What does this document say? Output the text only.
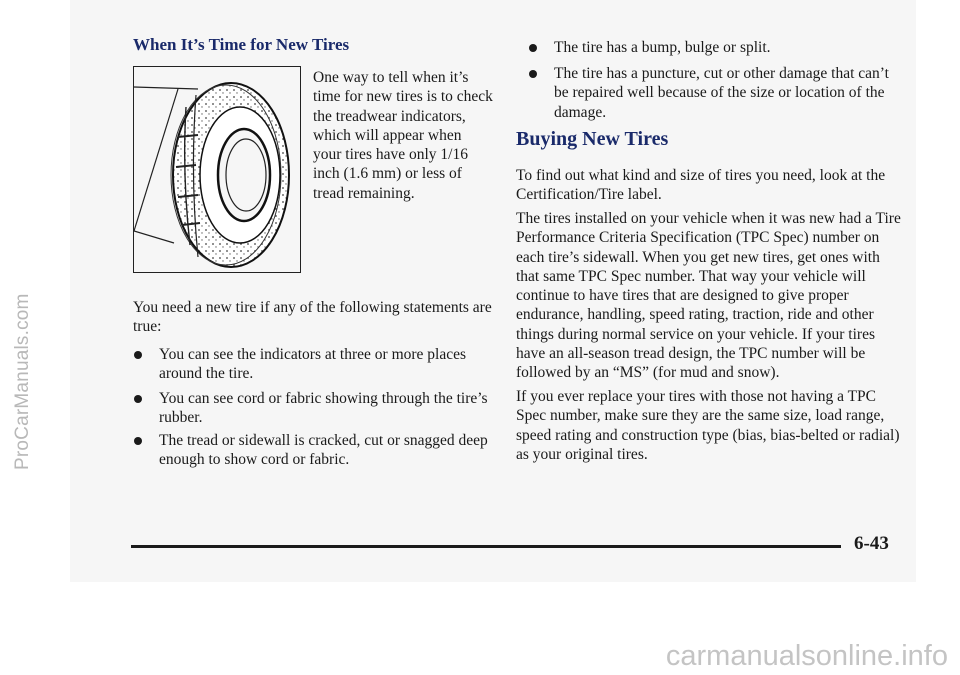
ProCarManuals.com
When It’s Time for New Tires
One way to tell when it’s time for new tires is to check the treadwear indicators, which will appear when your tires have only 1/16 inch (1.6 mm) or less of tread remaining.
You need a new tire if any of the following statements are true:
You can see the indicators at three or more places around the tire.
You can see cord or fabric showing through the tire’s rubber.
The tread or sidewall is cracked, cut or snagged deep enough to show cord or fabric.
The tire has a bump, bulge or split.
The tire has a puncture, cut or other damage that can’t be repaired well because of the size or location of the damage.
Buying New Tires
To find out what kind and size of tires you need, look at the Certification/Tire label.
The tires installed on your vehicle when it was new had a Tire Performance Criteria Specification (TPC Spec) number on each tire’s sidewall. When you get new tires, get ones with that same TPC Spec number. That way your vehicle will continue to have tires that are designed to give proper endurance, handling, speed rating, traction, ride and other things during normal service on your vehicle. If your tires have an all-season tread design, the TPC number will be followed by an “MS” (for mud and snow).
If you ever replace your tires with those not having a TPC Spec number, make sure they are the same size, load range, speed rating and construction type (bias, bias-belted or radial) as your original tires.
6-43
carmanualsonline.info
